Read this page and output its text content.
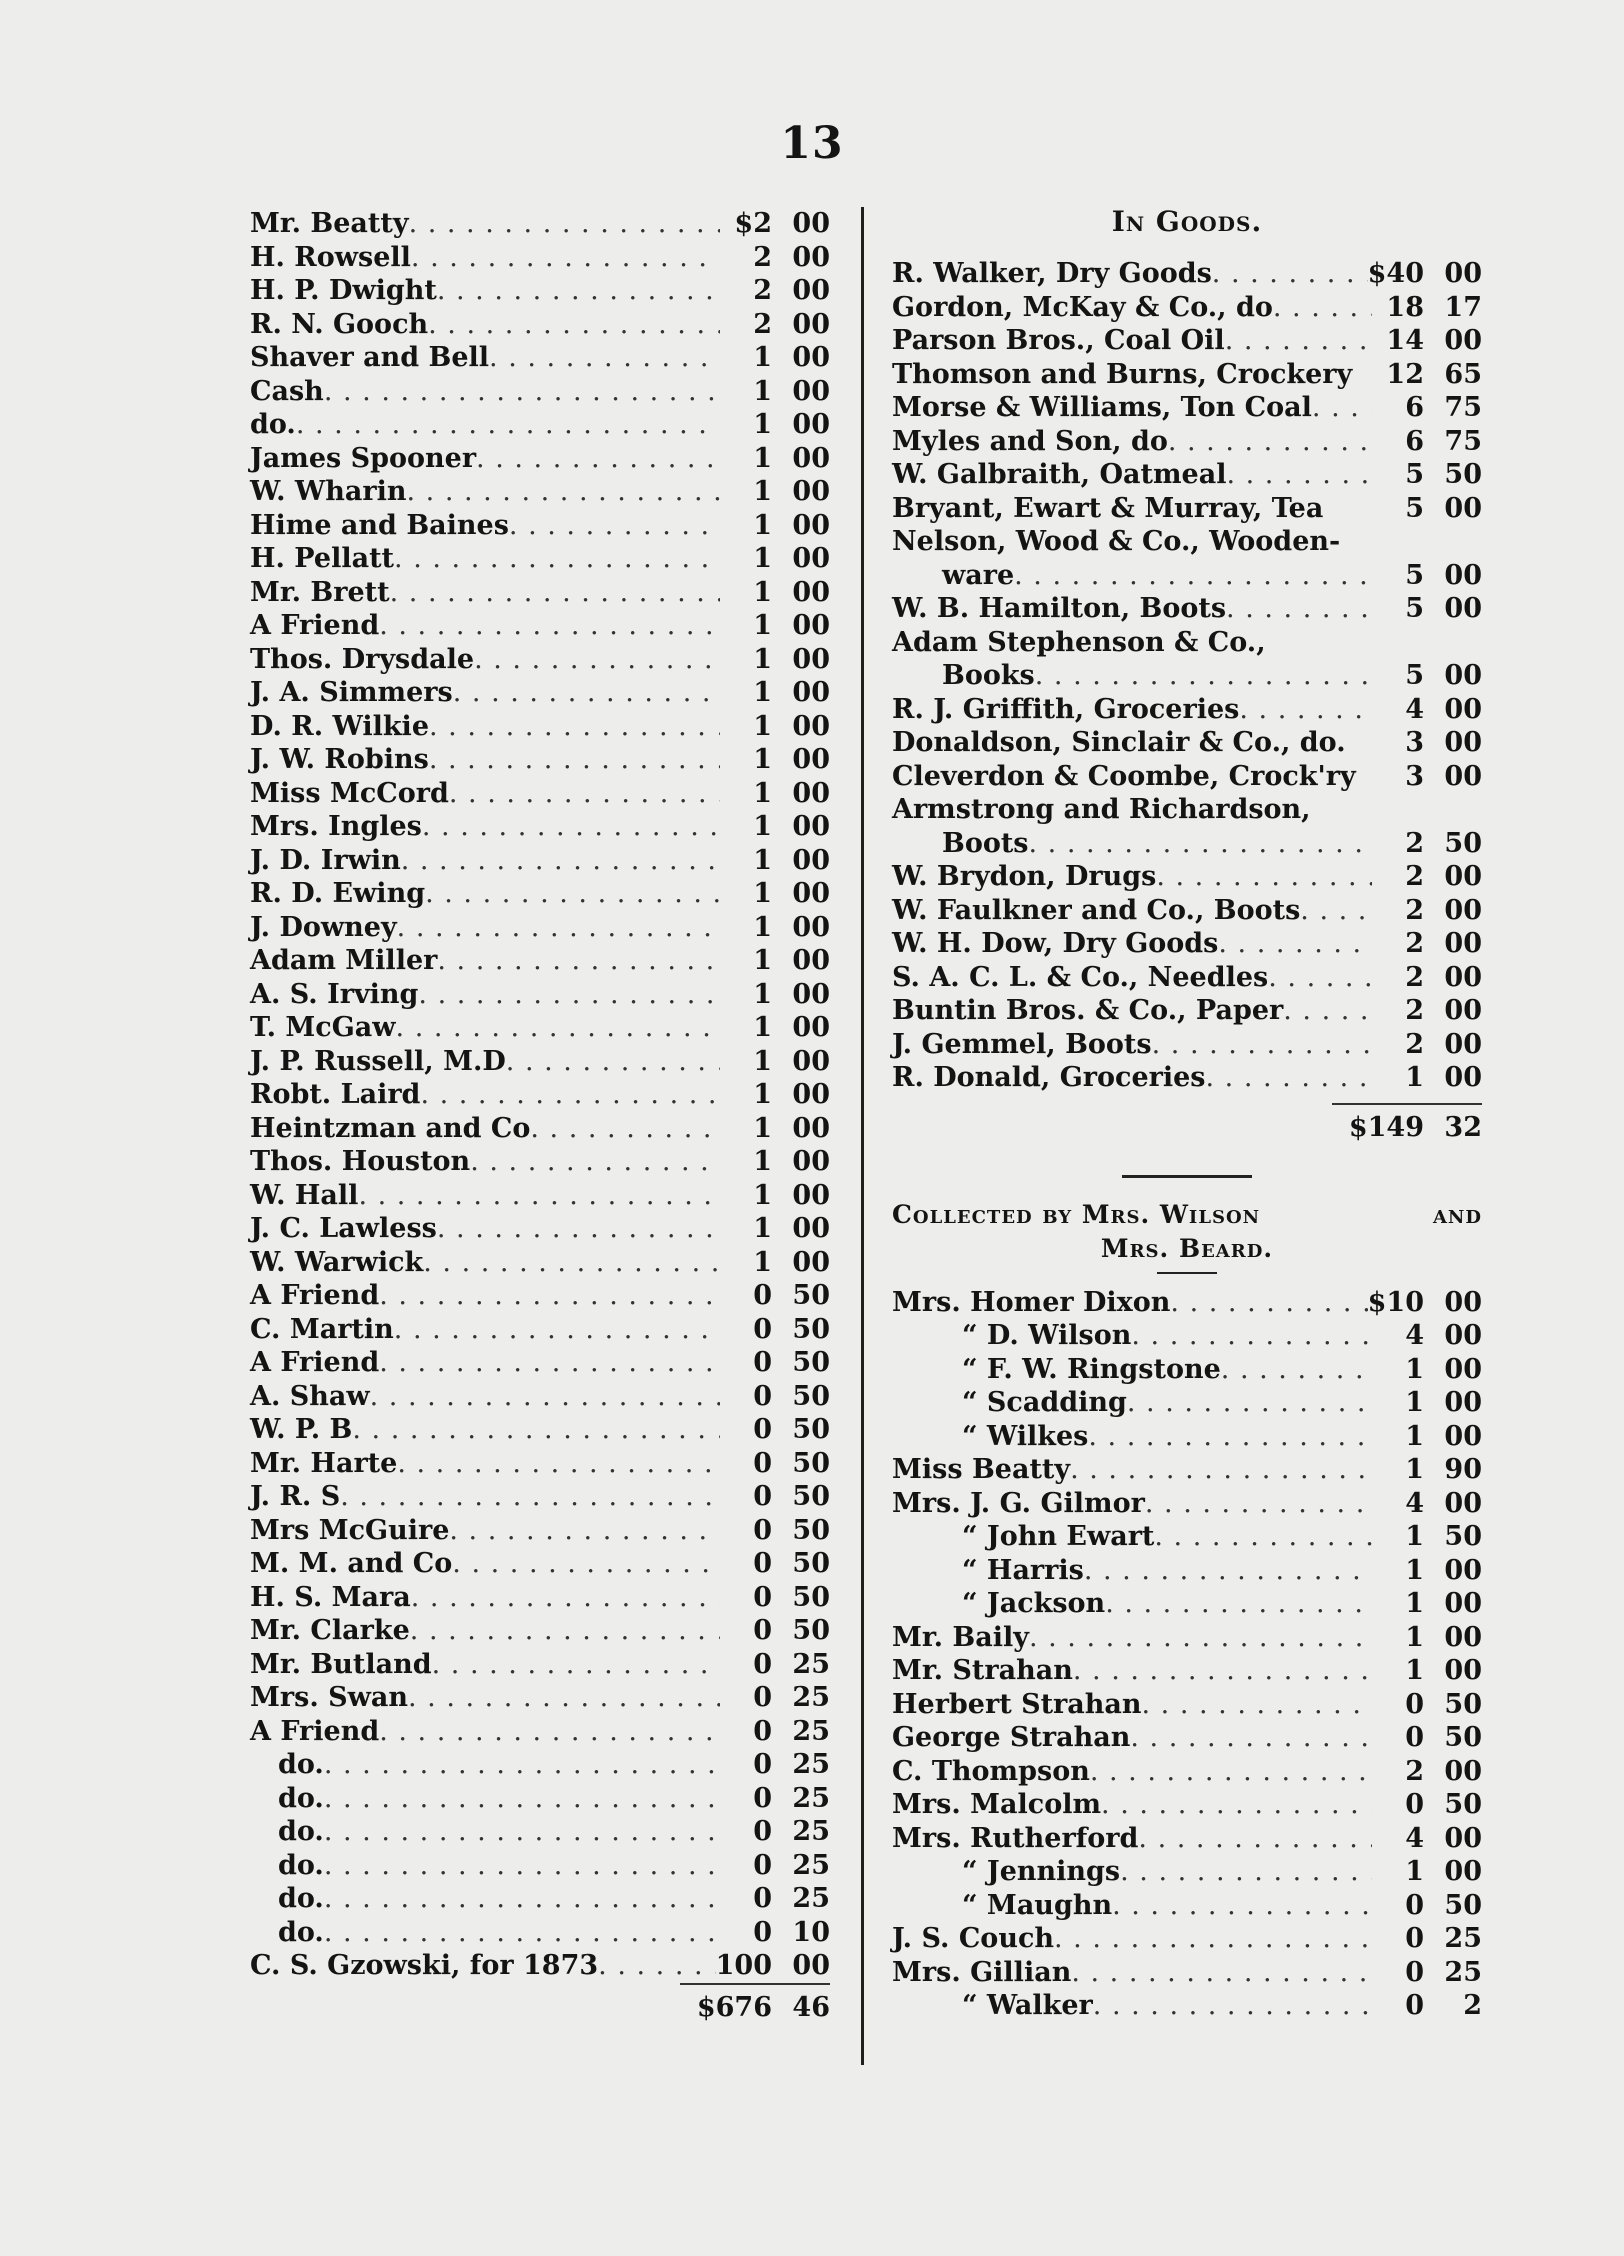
13
Mr. Beatty . . .	$2 00
H. Rowsell . . .	2 00
H. P. Dwight . . .	2 00
R. N. Gooch . . .	2 00
Shaver and Bell . . .	1 00
Cash . . .	1 00
do. . . .	1 00
James Spooner . . .	1 00
W. Wharin . . .	1 00
Hime and Baines . . .	1 00
H. Pellatt . . .	1 00
Mr. Brett . . .	1 00
A Friend . . .	1 00
Thos. Drysdale . . .	1 00
J. A. Simmers . . .	1 00
D. R. Wilkie . . .	1 00
J. W. Robins . . .	1 00
Miss McCord . . .	1 00
Mrs. Ingles . . .	1 00
J. D. Irwin . . .	1 00
R. D. Ewing . . .	1 00
J. Downey . . .	1 00
Adam Miller . . .	1 00
A. S. Irving . . .	1 00
T. McGaw . . .	1 00
J. P. Russell, M.D . . .	1 00
Robt. Laird . . .	1 00
Heintzman and Co . . .	1 00
Thos. Houston . . .	1 00
W. Hall . . .	1 00
J. C. Lawless . . .	1 00
W. Warwick . . .	1 00
A Friend . . .	0 50
C. Martin . . .	0 50
A Friend . . .	0 50
A. Shaw . . .	0 50
W. P. B . . .	0 50
Mr. Harte . . .	0 50
J. R. S . . .	0 50
Mrs McGuire . . .	0 50
M. M. and Co . . .	0 50
H. S. Mara . . .	0 50
Mr. Clarke . . .	0 50
Mr. Butland . . .	0 25
Mrs. Swan . . .	0 25
A Friend . . .	0 25
do. . . .	0 25
do. . . .	0 25
do. . . .	0 25
do. . . .	0 25
do. . . .	0 25
do. . . .	0 10
C. S. Gzowski, for 1873 . . .	100 00
$676 46
In Goods.
R. Walker, Dry Goods . . .	$40 00
Gordon, McKay & Co., do . . .	18 17
Parson Bros., Coal Oil . . .	14 00
Thomson and Burns, Crockery	12 65
Morse & Williams, Ton Coal . . .	6 75
Myles and Son, do . . .	6 75
W. Galbraith, Oatmeal . . .	5 50
Bryant, Ewart & Murray, Tea	5 00
Nelson, Wood & Co., Wooden-
ware . . .	5 00
W. B. Hamilton, Boots . . .	5 00
Adam Stephenson & Co.,
Books . . .	5 00
R. J. Griffith, Groceries . . .	4 00
Donaldson, Sinclair & Co., do.	3 00
Cleverdon & Coombe, Crock'ry	3 00
Armstrong and Richardson,
Boots . . .	2 50
W. Brydon, Drugs . . .	2 00
W. Faulkner and Co., Boots . . .	2 00
W. H. Dow, Dry Goods . . .	2 00
S. A. C. L. & Co., Needles . . .	2 00
Buntin Bros. & Co., Paper . . .	2 00
J. Gemmel, Boots . . .	2 00
R. Donald, Groceries . . .	1 00
$149 32
Collected by Mrs. Wilson	and
Mrs. Beard.
Mrs. Homer Dixon . . .	$10 00
“ D. Wilson . . .	4 00
“ F. W. Ringstone . . .	1 00
“ Scadding . . .	1 00
“ Wilkes . . .	1 00
Miss Beatty . . .	1 90
Mrs. J. G. Gilmor . . .	4 00
“ John Ewart . . .	1 50
“ Harris . . .	1 00
“ Jackson . . .	1 00
Mr. Baily . . .	1 00
Mr. Strahan . . .	1 00
Herbert Strahan . . .	0 50
George Strahan . . .	0 50
C. Thompson . . .	2 00
Mrs. Malcolm . . .	0 50
Mrs. Rutherford . . .	4 00
“ Jennings . . .	1 00
“ Maughn . . .	0 50
J. S. Couch . . .	0 25
Mrs. Gillian . . .	0 25
“ Walker . . .	0	2
